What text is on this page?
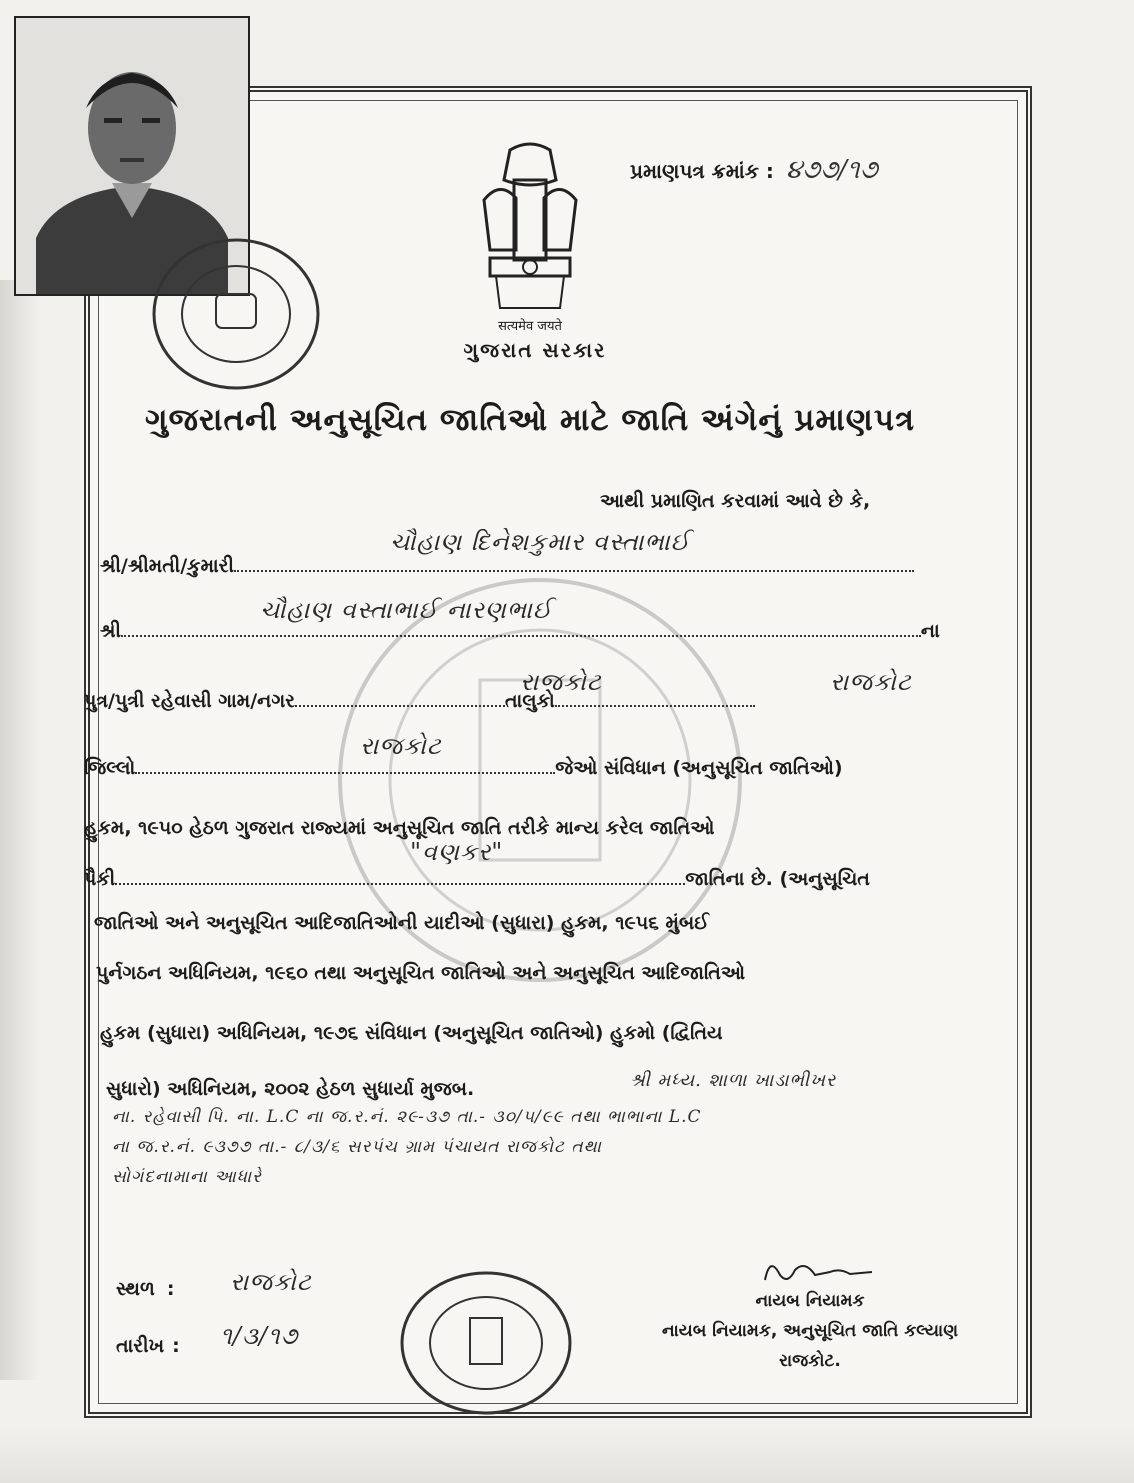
सत्यमेव जयते
ગુજરાત સરકાર
પ્રમાણપત્ર ક્રમાંક : ૪૭૭/૧૭
ગુજરાતની અનુસૂચિત જાતિઓ માટે જાતિ અંગેનું પ્રમાણપત્ર
આથી પ્રમાણિત કરવામાં આવે છે કે,
શ્રી/શ્રીમતી/કુમારી
ચૌહાણ દિનેશકુમાર વસ્તાભાઈ
શ્રી	ના
ચૌહાણ વસ્તાભાઈ નારણભાઈ
પુત્ર/પુત્રી રહેવાસી ગામ/નગર	તાલુકો
રાજકોટ	રાજકોટ
જિલ્લો	જેઓ સંવિધાન (અનુસૂચિત જાતિઓ)
રાજકોટ
હુકમ, ૧૯૫૦ હેઠળ ગુજરાત રાજ્યમાં અનુસૂચિત જાતિ તરીકે માન્ય કરેલ જાતિઓ
પૈકી	જાતિના છે. (અનુસૂચિત
"વણકર"
જાતિઓ અને અનુસૂચિત આદિજાતિઓની યાદીઓ (સુધારા) હુકમ, ૧૯૫૬ મુંબઈ
પુર્નગઠન અધિનિયમ, ૧૯૬૦ તથા અનુસૂચિત જાતિઓ અને અનુસૂચિત આદિજાતિઓ
હુકમ (સુધારા) અધિનિયમ, ૧૯૭૬ સંવિધાન (અનુસૂચિત જાતિઓ) હુકમો (દ્વિતિય
સુધારો) અધિનિયમ, ૨૦૦૨ હેઠળ સુધાર્યા મુજબ.	શ્રી મધ્ય. શાળા ખાડાભીખર
ના. રહેવાસી પિ. ના. L.C ના જ.ર.નં. ૨૯-૩૭ તા.- ૩૦/૫/૯૯ તથા ભાભાના L.C
ના જ.ર.નં. ૯૩૭૭ તા.- ૮/૩/૬ સરપંચ ગ્રામ પંચાયત રાજકોટ તથા
સોગંદનામાના આધારે
સ્થળ :	રાજકોટ
તારીખ :	૧/૩/૧૭
નાયબ નિયામક
નાયબ નિયામક, અનુસૂચિત જાતિ કલ્યાણ
રાજકોટ.
